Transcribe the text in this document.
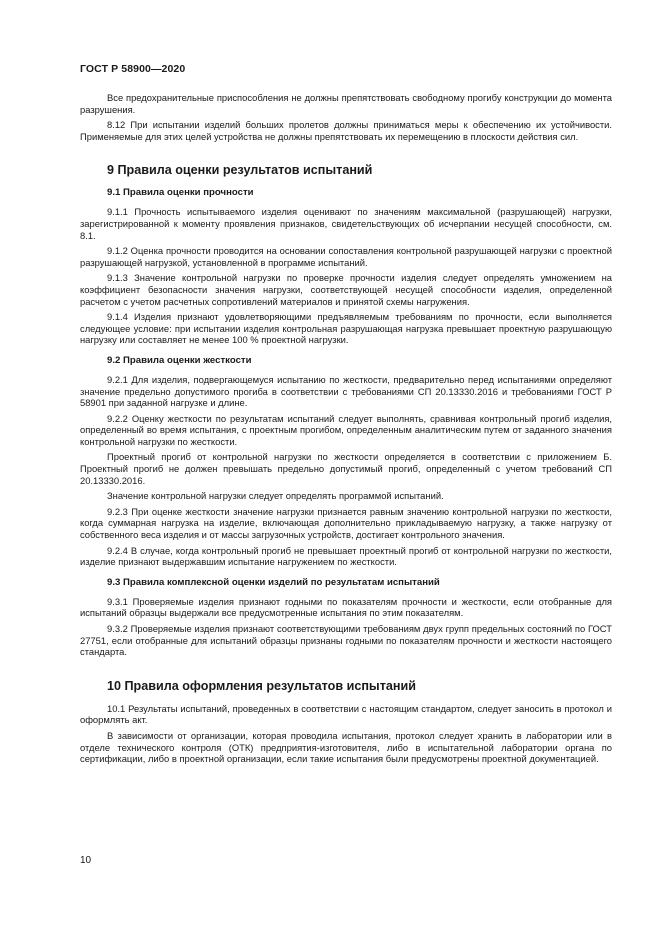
ГОСТ Р 58900—2020
Все предохранительные приспособления не должны препятствовать свободному прогибу конструкции до момента разрушения.
8.12 При испытании изделий больших пролетов должны приниматься меры к обеспечению их устойчивости. Применяемые для этих целей устройства не должны препятствовать их перемещению в плоскости действия сил.
9 Правила оценки результатов испытаний
9.1 Правила оценки прочности
9.1.1 Прочность испытываемого изделия оценивают по значениям максимальной (разрушающей) нагрузки, зарегистрированной к моменту проявления признаков, свидетельствующих об исчерпании несущей способности, см. 8.1.
9.1.2 Оценка прочности проводится на основании сопоставления контрольной разрушающей нагрузки с проектной разрушающей нагрузкой, установленной в программе испытаний.
9.1.3 Значение контрольной нагрузки по проверке прочности изделия следует определять умножением на коэффициент безопасности значения нагрузки, соответствующей несущей способности изделия, определенной расчетом с учетом расчетных сопротивлений материалов и принятой схемы нагружения.
9.1.4 Изделия признают удовлетворяющими предъявляемым требованиям по прочности, если выполняется следующее условие: при испытании изделия контрольная разрушающая нагрузка превышает проектную разрушающую нагрузку или составляет не менее 100 % проектной нагрузки.
9.2 Правила оценки жесткости
9.2.1 Для изделия, подвергающемуся испытанию по жесткости, предварительно перед испытаниями определяют значение предельно допустимого прогиба в соответствии с требованиями СП 20.13330.2016 и требованиями ГОСТ Р 58901 при заданной нагрузке и длине.
9.2.2 Оценку жесткости по результатам испытаний следует выполнять, сравнивая контрольный прогиб изделия, определенный во время испытания, с проектным прогибом, определенным аналитическим путем от заданного значения контрольной нагрузки по жесткости.
Проектный прогиб от контрольной нагрузки по жесткости определяется в соответствии с приложением Б. Проектный прогиб не должен превышать предельно допустимый прогиб, определенный с учетом требований СП 20.13330.2016.
Значение контрольной нагрузки следует определять программой испытаний.
9.2.3 При оценке жесткости значение нагрузки признается равным значению контрольной нагрузки по жесткости, когда суммарная нагрузка на изделие, включающая дополнительно прикладываемую нагрузку, а также нагрузку от собственного веса изделия и от массы загрузочных устройств, достигает контрольного значения.
9.2.4 В случае, когда контрольный прогиб не превышает проектный прогиб от контрольной нагрузки по жесткости, изделие признают выдержавшим испытание нагружением по жесткости.
9.3 Правила комплексной оценки изделий по результатам испытаний
9.3.1 Проверяемые изделия признают годными по показателям прочности и жесткости, если отобранные для испытаний образцы выдержали все предусмотренные испытания по этим показателям.
9.3.2 Проверяемые изделия признают соответствующими требованиям двух групп предельных состояний по ГОСТ 27751, если отобранные для испытаний образцы признаны годными по показателям прочности и жесткости настоящего стандарта.
10 Правила оформления результатов испытаний
10.1 Результаты испытаний, проведенных в соответствии с настоящим стандартом, следует заносить в протокол и оформлять акт.
В зависимости от организации, которая проводила испытания, протокол следует хранить в лаборатории или в отделе технического контроля (ОТК) предприятия-изготовителя, либо в испытательной лаборатории органа по сертификации, либо в проектной организации, если такие испытания были предусмотрены проектной документацией.
10
